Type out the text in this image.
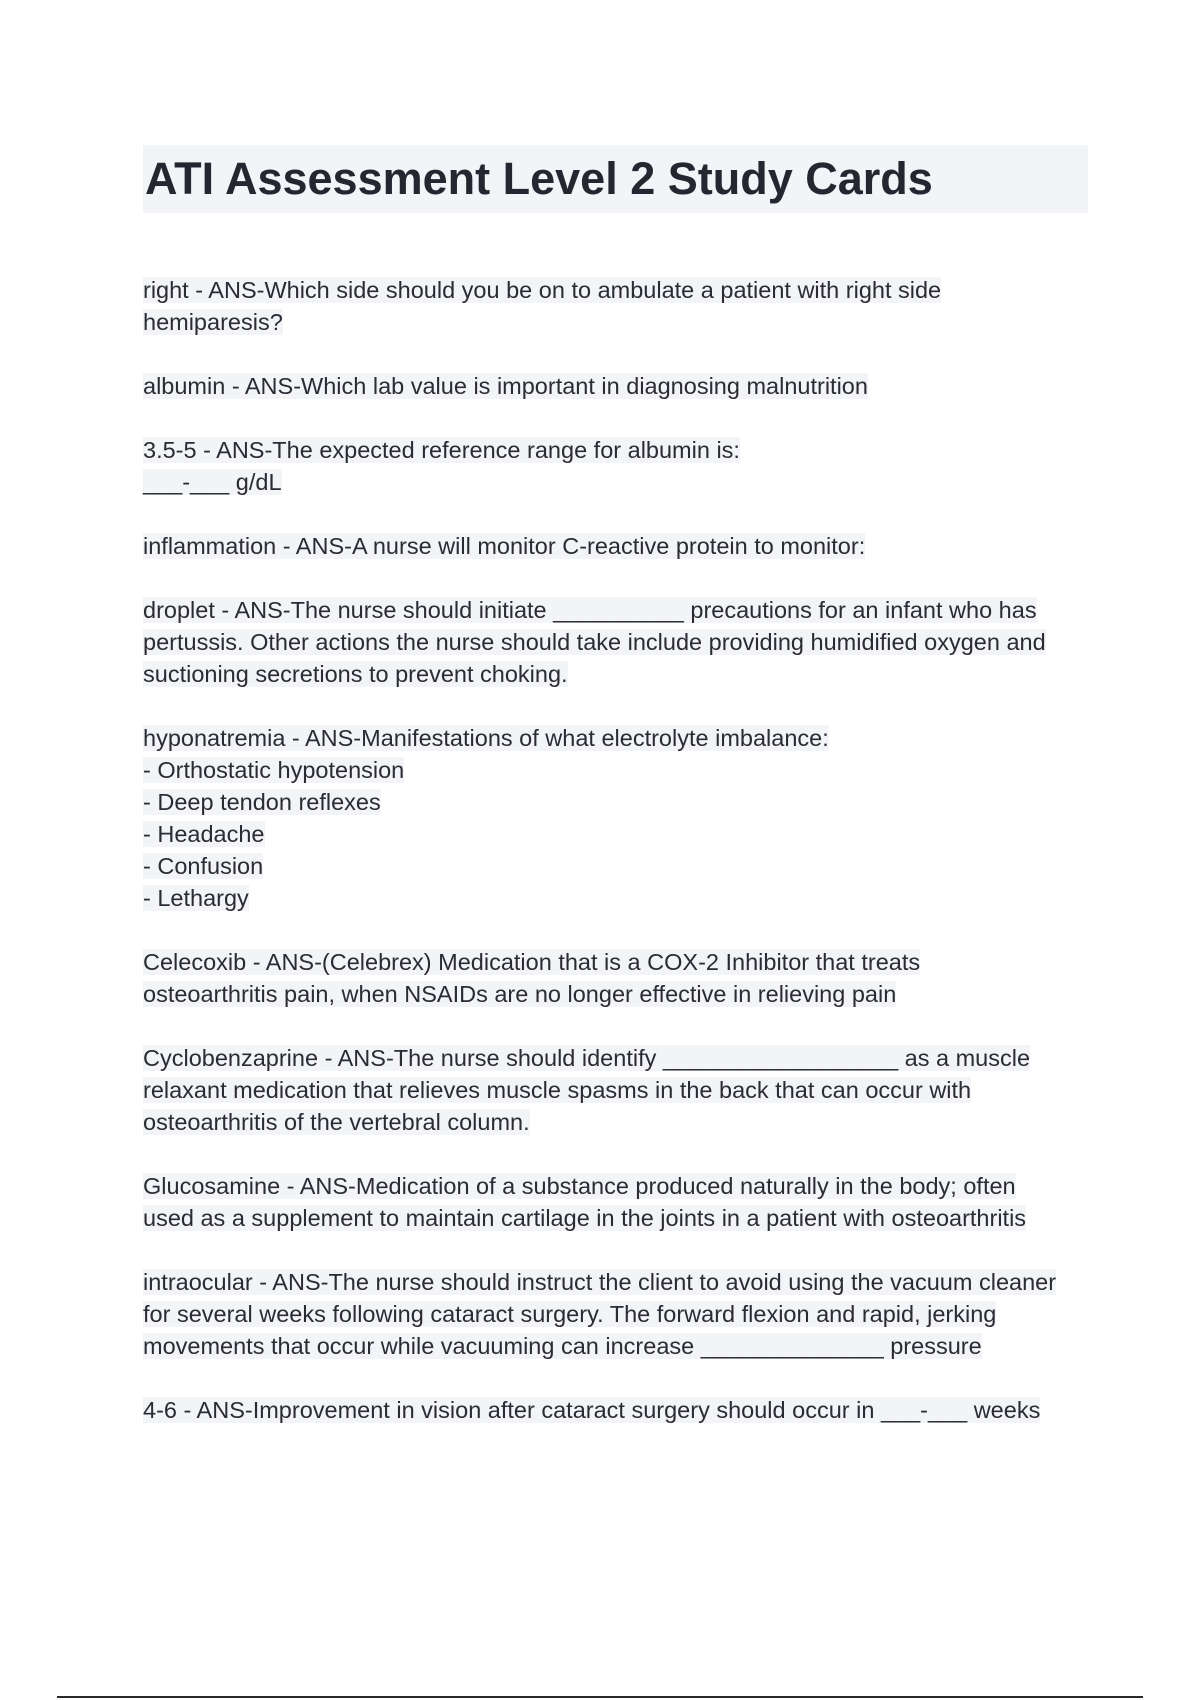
ATI Assessment Level 2 Study Cards
right - ANS-Which side should you be on to ambulate a patient with right side
hemiparesis?
albumin - ANS-Which lab value is important in diagnosing malnutrition
3.5-5 - ANS-The expected reference range for albumin is:
___-___ g/dL
inflammation - ANS-A nurse will monitor C-reactive protein to monitor:
droplet - ANS-The nurse should initiate __________ precautions for an infant who has
pertussis. Other actions the nurse should take include providing humidified oxygen and
suctioning secretions to prevent choking.
hyponatremia - ANS-Manifestations of what electrolyte imbalance:
- Orthostatic hypotension
- Deep tendon reflexes
- Headache
- Confusion
- Lethargy
Celecoxib - ANS-(Celebrex) Medication that is a COX-2 Inhibitor that treats
osteoarthritis pain, when NSAIDs are no longer effective in relieving pain
Cyclobenzaprine - ANS-The nurse should identify __________________ as a muscle
relaxant medication that relieves muscle spasms in the back that can occur with
osteoarthritis of the vertebral column.
Glucosamine - ANS-Medication of a substance produced naturally in the body; often
used as a supplement to maintain cartilage in the joints in a patient with osteoarthritis
intraocular - ANS-The nurse should instruct the client to avoid using the vacuum cleaner
for several weeks following cataract surgery. The forward flexion and rapid, jerking
movements that occur while vacuuming can increase ______________ pressure
4-6 - ANS-Improvement in vision after cataract surgery should occur in ___-___ weeks
